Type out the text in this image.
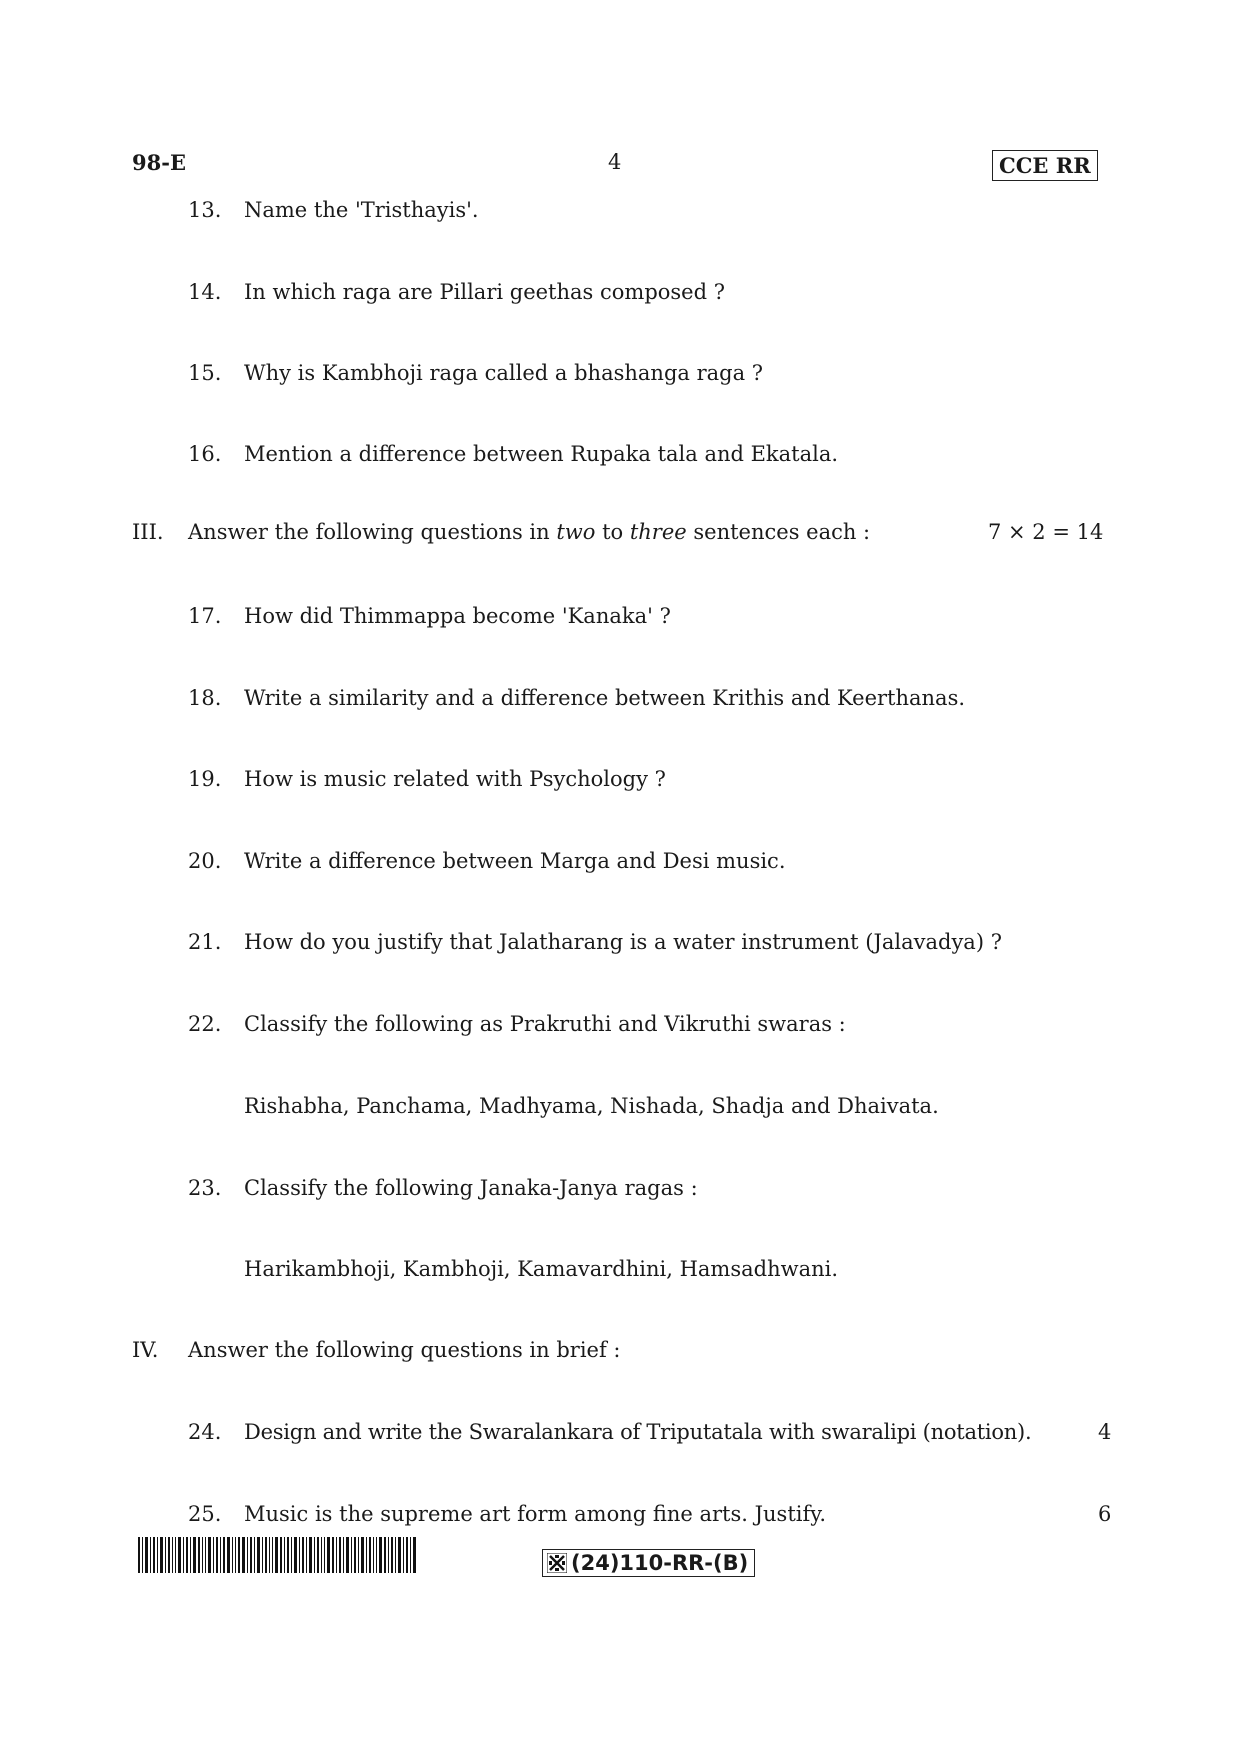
98-E	4	CCE RR
13. Name the 'Tristhayis'.
14. In which raga are Pillari geethas composed ?
15. Why is Kambhoji raga called a bhashanga raga ?
16. Mention a difference between Rupaka tala and Ekatala.
III. Answer the following questions in two to three sentences each :	7 × 2 = 14
17. How did Thimmappa become 'Kanaka' ?
18. Write a similarity and a difference between Krithis and Keerthanas.
19. How is music related with Psychology ?
20. Write a difference between Marga and Desi music.
21. How do you justify that Jalatharang is a water instrument (Jalavadya) ?
22. Classify the following as Prakruthi and Vikruthi swaras :
Rishabha, Panchama, Madhyama, Nishada, Shadja and Dhaivata.
23. Classify the following Janaka-Janya ragas :
Harikambhoji, Kambhoji, Kamavardhini, Hamsadhwani.
IV. Answer the following questions in brief :
24. Design and write the Swaralankara of Triputatala with swaralipi (notation).	4
25. Music is the supreme art form among fine arts. Justify.	6
(24)110-RR-(B)
